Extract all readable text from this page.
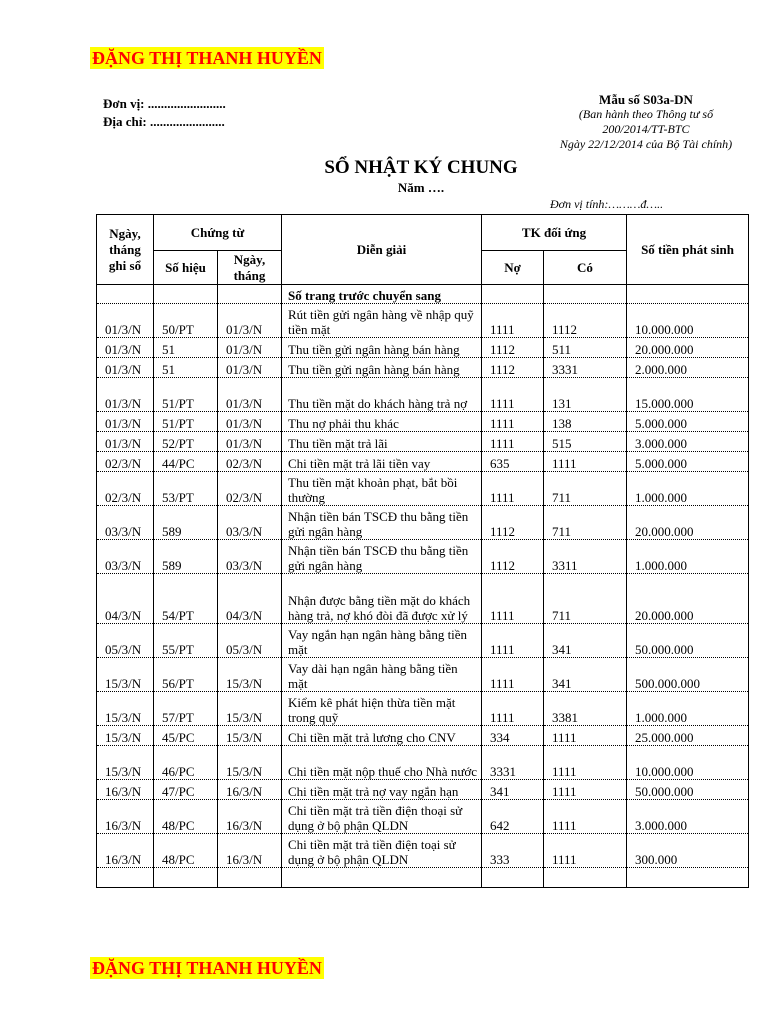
ĐẶNG THỊ THANH HUYỀN
Đơn vị: ........................
Địa chỉ: .......................
Mẫu số S03a-DN
(Ban hành theo Thông tư số
200/2014/TT-BTC
Ngày 22/12/2014 của Bộ Tài chính)
SỔ NHẬT KÝ CHUNG
Năm ….
Đơn vị tính:………đ…..
Ngày, tháng ghi sổ	Chứng từ		Diễn giải	TK đối ứng		Số tiền phát sinh
	Số hiệu	Ngày, tháng		Nợ	Có	
			Số trang trước chuyển sang			
01/3/N	50/PT	01/3/N	Rút tiền gửi ngân hàng về nhập quỹ tiền mặt	1111	1112	10.000.000
01/3/N	51	01/3/N	Thu tiền gửi ngân hàng bán hàng	1112	511	20.000.000
01/3/N	51	01/3/N	Thu tiền gửi ngân hàng bán hàng	1112	3331	2.000.000
01/3/N	51/PT	01/3/N	Thu tiền mặt do khách hàng trả nợ	1111	131	15.000.000
01/3/N	51/PT	01/3/N	Thu nợ phải thu khác	1111	138	5.000.000
01/3/N	52/PT	01/3/N	Thu tiền mặt trả lãi	1111	515	3.000.000
02/3/N	44/PC	02/3/N	Chi tiền mặt trả lãi tiền vay	635	1111	5.000.000
02/3/N	53/PT	02/3/N	Thu tiền mặt khoản phạt, bắt bồi thường	1111	711	1.000.000
03/3/N	589	03/3/N	Nhận tiền bán TSCĐ thu bằng tiền gửi ngân hàng	1112	711	20.000.000
03/3/N	589	03/3/N	Nhận tiền bán TSCĐ thu bằng tiền gửi ngân hàng	1112	3311	1.000.000
04/3/N	54/PT	04/3/N	Nhận được bằng tiền mặt do khách hàng trả, nợ khó đòi đã được xử lý	1111	711	20.000.000
05/3/N	55/PT	05/3/N	Vay ngắn hạn ngân hàng bằng tiền mặt	1111	341	50.000.000
15/3/N	56/PT	15/3/N	Vay dài hạn ngân hàng bằng tiền mặt	1111	341	500.000.000
15/3/N	57/PT	15/3/N	Kiểm kê phát hiện thừa tiền mặt trong quỹ	1111	3381	1.000.000
15/3/N	45/PC	15/3/N	Chi tiền mặt trả lương cho CNV	334	1111	25.000.000
15/3/N	46/PC	15/3/N	Chi tiền mặt nộp thuế cho Nhà nước	3331	1111	10.000.000
16/3/N	47/PC	16/3/N	Chi tiền mặt trả nợ vay ngắn hạn	341	1111	50.000.000
16/3/N	48/PC	16/3/N	Chi tiền mặt trả tiền điện thoại sử dụng ở bộ phận QLDN	642	1111	3.000.000
16/3/N	48/PC	16/3/N	Chi tiền mặt trả tiền điện toại sử dụng ở bộ phận QLDN	333	1111	300.000

ĐẶNG THỊ THANH HUYỀN
